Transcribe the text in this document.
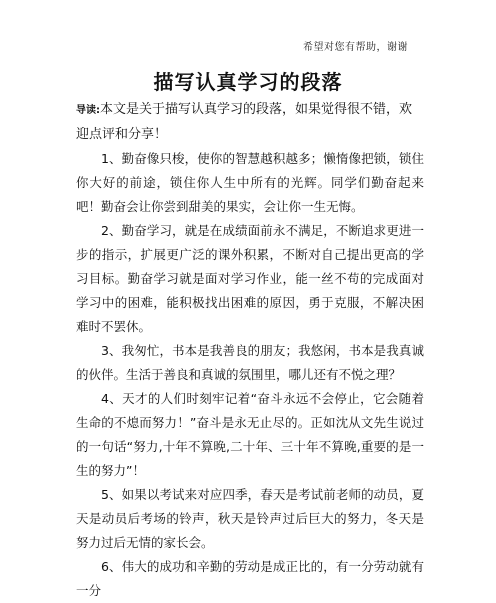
希望对您有帮助，谢谢
描写认真学习的段落

导读:本文是关于描写认真学习的段落，如果觉得很不错，欢迎点评和分享！

1、勤奋像只梭，使你的智慧越积越多；懒惰像把锁，锁住你大好的前途，锁住你人生中所有的光辉。同学们勤奋起来吧！勤奋会让你尝到甜美的果实，会让你一生无悔。

2、勤奋学习，就是在成绩面前永不满足，不断追求更进一步的指示，扩展更广泛的课外积累，不断对自己提出更高的学习目标。勤奋学习就是面对学习作业，能一丝不苟的完成面对学习中的困难，能积极找出困难的原因，勇于克服，不解决困难时不罢休。

3、我匆忙，书本是我善良的朋友；我悠闲，书本是我真诚的伙伴。生活于善良和真诚的氛围里，哪儿还有不悦之理？

4、天才的人们时刻牢记着“奋斗永远不会停止，它会随着生命的不熄而努力！”奋斗是永无止尽的。正如沈从文先生说过的一句话“努力,十年不算晚,二十年、三十年不算晚,重要的是一生的努力”！

5、如果以考试来对应四季，春天是考试前老师的动员，夏天是动员后考场的铃声，秋天是铃声过后巨大的努力，冬天是努力过后无情的家长会。

6、伟大的成功和辛勤的劳动是成正比的，有一分劳动就有一分
